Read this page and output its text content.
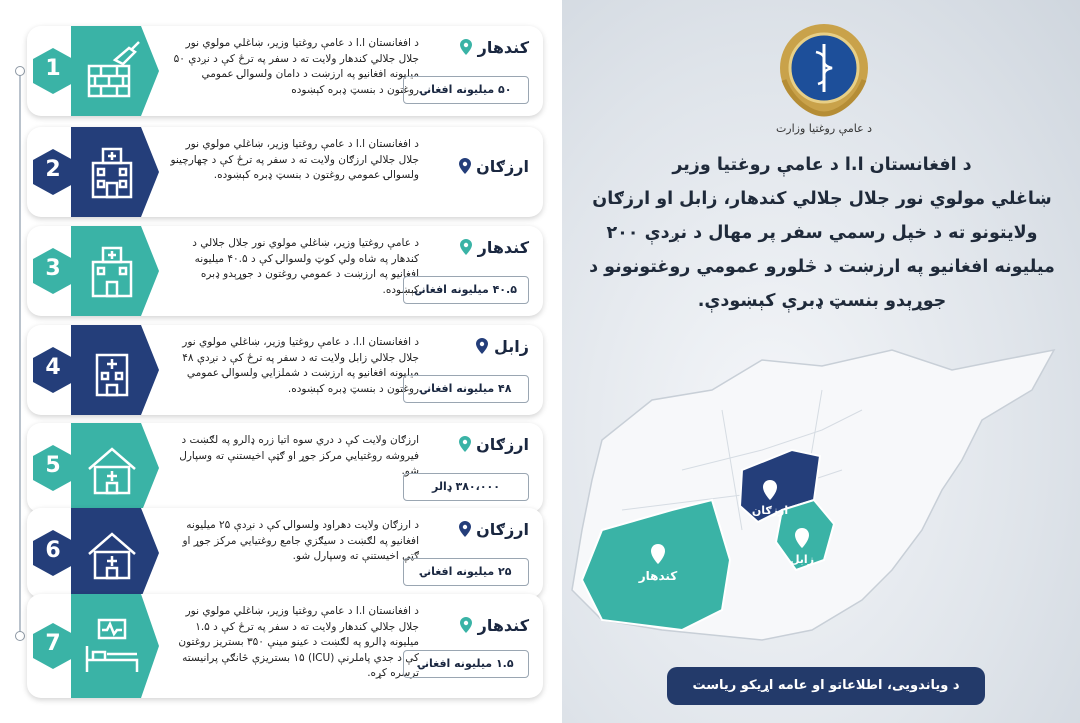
1
د افغانستان ا.ا د عامې روغتیا وزیر، ښاغلي مولوي نور جلال جلالي کندهار ولایت ته د سفر په ترځ کې د نږدې ۵۰ میلیونه افغانیو په ارزښت د دامان ولسوالۍ عمومي روغتون د بنسټ ډبره کېښوده
کندهار
۵۰ میلیونه افغانۍ
2
د افغانستان ا.ا د عامې روغتیا وزیر، ښاغلي مولوي نور جلال جلالي ارزګان ولایت ته د سفر په ترځ کې د چهارچینو ولسوالۍ عمومي روغتون د بنسټ ډبره کېښوده.	ارزګان
3
د عامې روغتیا وزیر، ښاغلي مولوي نور جلال جلالي د کندهار په شاه ولي کوټ ولسوالۍ کې د ۴۰.۵ میلیونه افغانیو په ارزښت د عمومي روغتون د جوړېدو ډبره کېښوده.
کندهار
۴۰.۵ میلیونه افغانۍ
4
د افغانستان ا.ا. د عامې روغتیا وزیر، ښاغلي مولوي نور جلال جلالي زابل ولایت ته د سفر په ترځ کې د نږدې ۴۸ میلیونه افغانیو په ارزښت د شملزايي ولسوالۍ عمومي روغتون د بنسټ ډبره کېښوده.
زابل
۴۸ میلیونه افغانۍ
5
ارزګان ولایت کې د دري سوه اتيا زره ډالرو په لګښت د فیروشه روغتیایي مرکز جوړ او ګټې اخیستنې ته وسپارل شو.
ارزګان
۳۸۰،۰۰۰ ډالر
6
د ارزګان ولایت دهراود ولسوالۍ کې د نږدې ۲۵ میلیونه افغانیو په لګښت د سیګزي جامع روغتیایي مرکز جوړ او ګټې اخیستنې ته وسپارل شو.
ارزګان
۲۵ میلیونه افغانۍ
7
د افغانستان ا.ا د عامې روغتیا وزیر، ښاغلي مولوي نور جلال جلالي کندهار ولایت ته د سفر په ترځ کې د ۱.۵ میلیونه ډالرو په لګښت د عینو مینې ۳۵۰ بستریز روغتون کې د جدي پاملرنې (ICU) ۱۵ بستریزې څانګې پرانیسته ترسره کړه.
کندهار
۱.۵ میلیونه افغانۍ
د عامې روغتيا وزارت
د افغانستان ا.ا د عامې روغتيا وزير
ښاغلي مولوي نور جلال جلالي کندهار، زابل او ارزګان
ولايتونو ته د خپل رسمي سفر پر مهال د نږدې ۲۰۰
میلیونه افغانیو په ارزښت د څلورو عمومي روغتونونو د
جوړېدو بنسټ ډبرې کېښودې.
کندهار
ارزګان
زابل
د ویاندویی، اطلاعاتو او عامه اړیکو ریاست
